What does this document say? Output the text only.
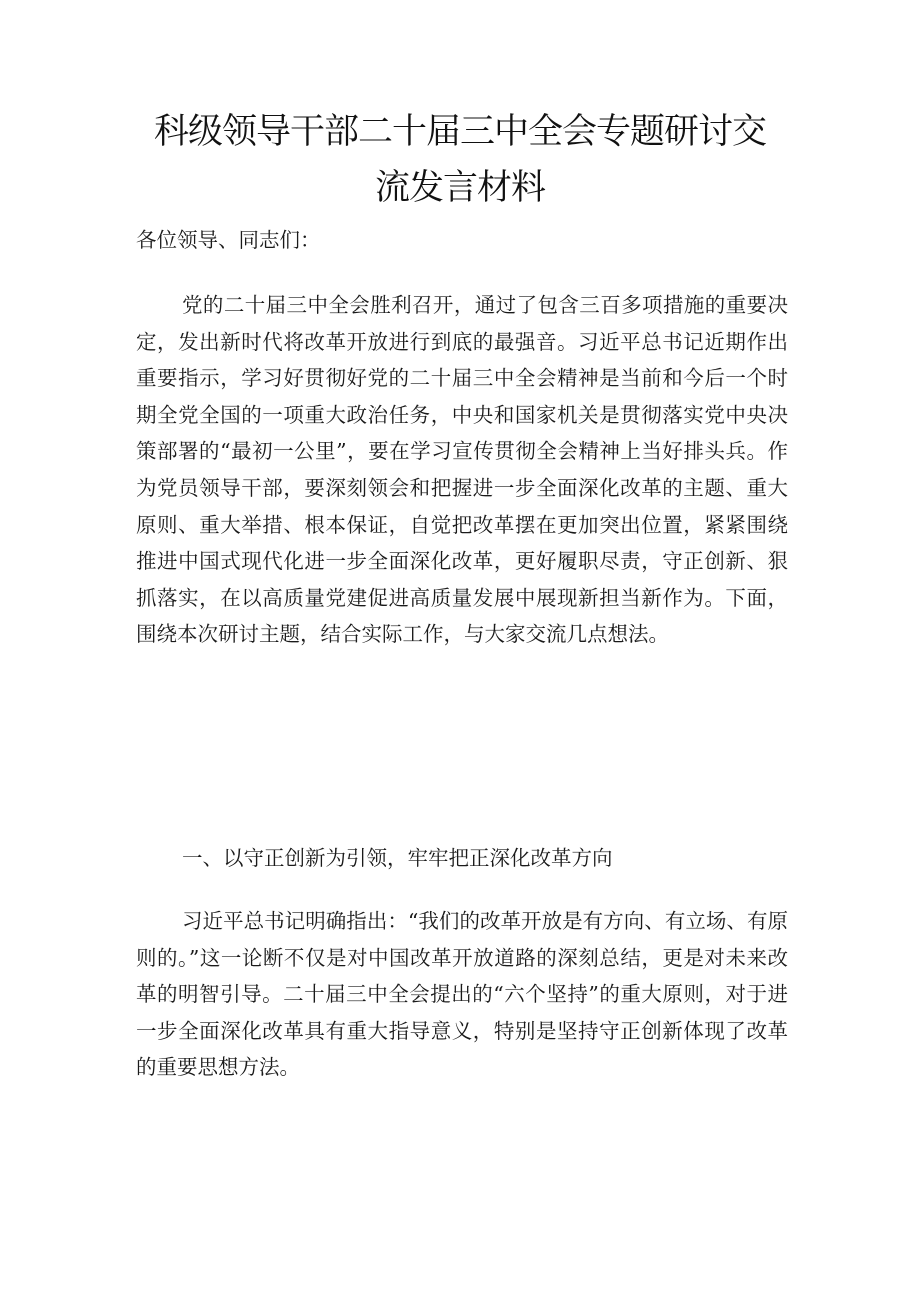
科级领导干部二十届三中全会专题研讨交
流发言材料

各位领导、同志们：

党的二十届三中全会胜利召开，通过了包含三百多项措施的重要决定，发出新时代将改革开放进行到底的最强音。习近平总书记近期作出重要指示，学习好贯彻好党的二十届三中全会精神是当前和今后一个时期全党全国的一项重大政治任务，中央和国家机关是贯彻落实党中央决策部署的“最初一公里”，要在学习宣传贯彻全会精神上当好排头兵。作为党员领导干部，要深刻领会和把握进一步全面深化改革的主题、重大原则、重大举措、根本保证，自觉把改革摆在更加突出位置，紧紧围绕推进中国式现代化进一步全面深化改革，更好履职尽责，守正创新、狠抓落实，在以高质量党建促进高质量发展中展现新担当新作为。下面，围绕本次研讨主题，结合实际工作，与大家交流几点想法。

一、以守正创新为引领，牢牢把正深化改革方向

习近平总书记明确指出：“我们的改革开放是有方向、有立场、有原则的。”这一论断不仅是对中国改革开放道路的深刻总结，更是对未来改革的明智引导。二十届三中全会提出的“六个坚持”的重大原则，对于进一步全面深化改革具有重大指导意义，特别是坚持守正创新体现了改革的重要思想方法。
